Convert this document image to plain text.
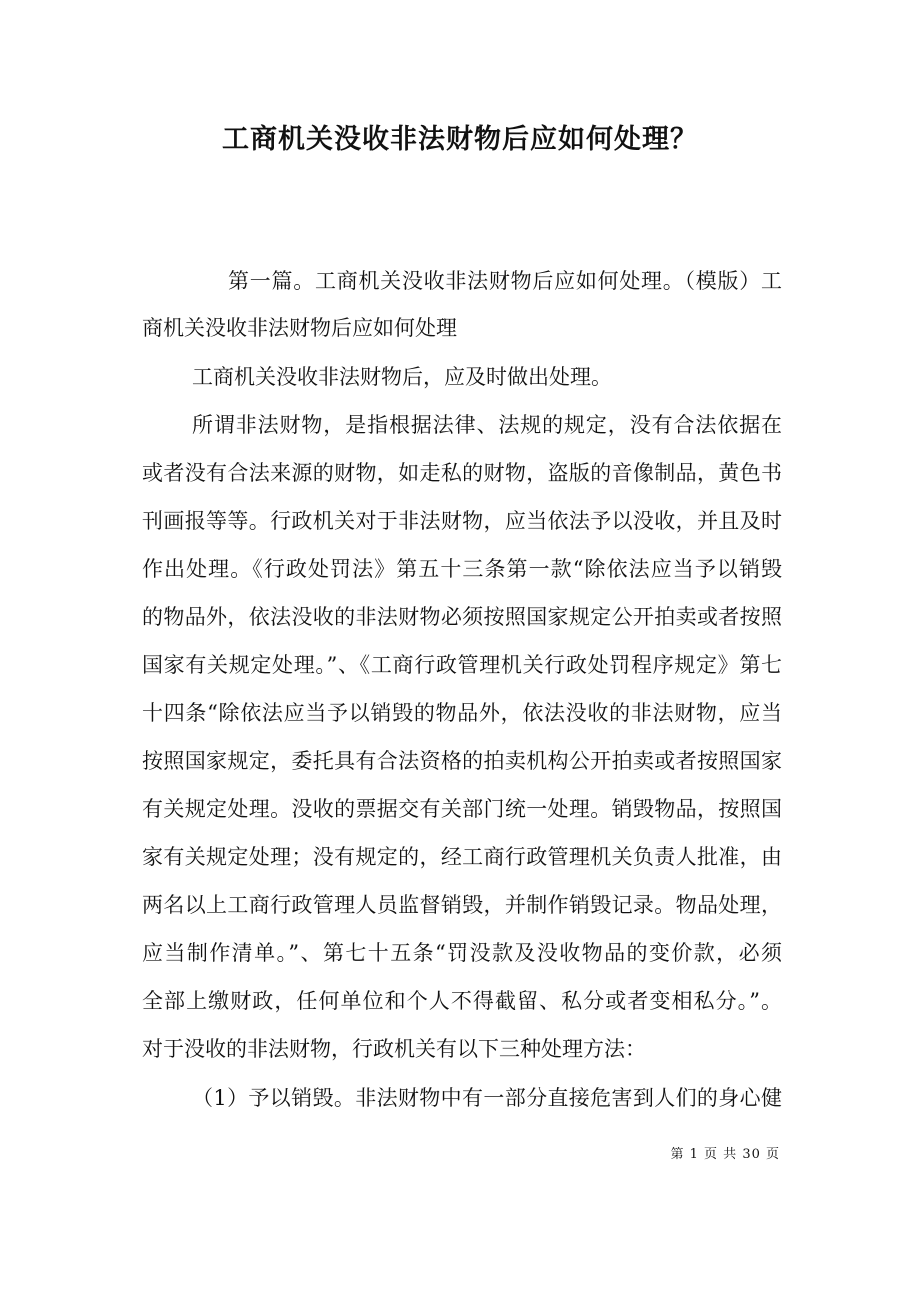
工商机关没收非法财物后应如何处理？

第一篇。工商机关没收非法财物后应如何处理。（模版）工

商机关没收非法财物后应如何处理

工商机关没收非法财物后，应及时做出处理。

所谓非法财物，是指根据法律、法规的规定，没有合法依据在

或者没有合法来源的财物，如走私的财物，盗版的音像制品，黄色书

刊画报等等。行政机关对于非法财物，应当依法予以没收，并且及时

作出处理。《行政处罚法》第五十三条第一款“除依法应当予以销毁

的物品外，依法没收的非法财物必须按照国家规定公开拍卖或者按照

国家有关规定处理。”、《工商行政管理机关行政处罚程序规定》第七

十四条“除依法应当予以销毁的物品外，依法没收的非法财物，应当

按照国家规定，委托具有合法资格的拍卖机构公开拍卖或者按照国家

有关规定处理。没收的票据交有关部门统一处理。销毁物品，按照国

家有关规定处理；没有规定的，经工商行政管理机关负责人批准，由

两名以上工商行政管理人员监督销毁，并制作销毁记录。物品处理，

应当制作清单。”、第七十五条“罚没款及没收物品的变价款，必须

全部上缴财政，任何单位和个人不得截留、私分或者变相私分。”。

对于没收的非法财物，行政机关有以下三种处理方法：

（1）予以销毁。非法财物中有一部分直接危害到人们的身心健

第 1 页 共 30 页
